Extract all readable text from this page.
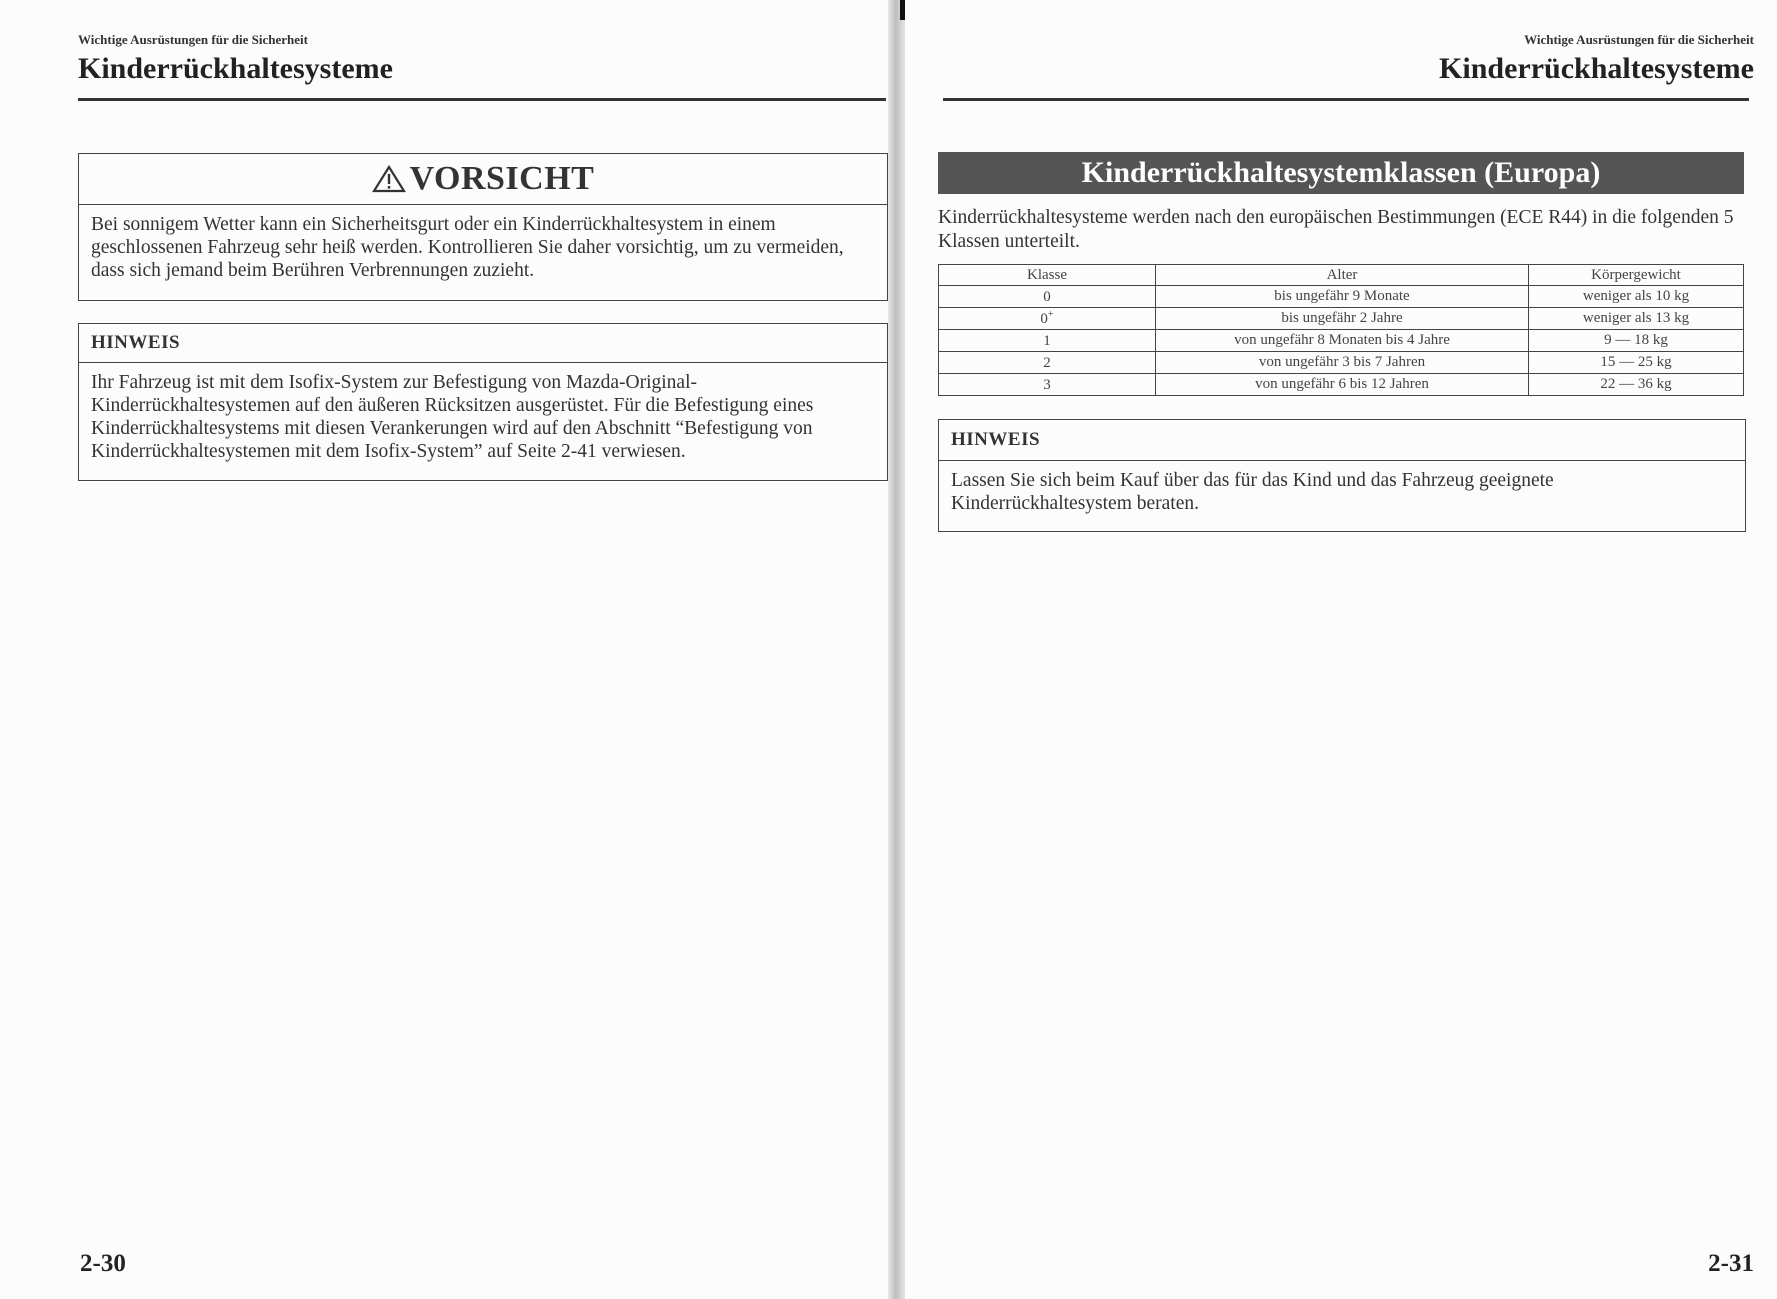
Wichtige Ausrüstungen für die Sicherheit
Kinderrückhaltesysteme
VORSICHT
Bei sonnigem Wetter kann ein Sicherheitsgurt oder ein Kinderrückhaltesystem in einem geschlossenen Fahrzeug sehr heiß werden. Kontrollieren Sie daher vorsichtig, um zu vermeiden, dass sich jemand beim Berühren Verbrennungen zuzieht.
HINWEIS
Ihr Fahrzeug ist mit dem Isofix-System zur Befestigung von Mazda-Original-Kinderrückhaltesystemen auf den äußeren Rücksitzen ausgerüstet. Für die Befestigung eines Kinderrückhaltesystems mit diesen Verankerungen wird auf den Abschnitt “Befestigung von Kinderrückhaltesystemen mit dem Isofix-System” auf Seite 2-41 verwiesen.
2-30
Wichtige Ausrüstungen für die Sicherheit
Kinderrückhaltesysteme
Kinderrückhaltesystemklassen (Europa)
Kinderrückhaltesysteme werden nach den europäischen Bestimmungen (ECE R44) in die folgenden 5 Klassen unterteilt.
Klasse	Alter	Körpergewicht
0	bis ungefähr 9 Monate	weniger als 10 kg
0+	bis ungefähr 2 Jahre	weniger als 13 kg
1	von ungefähr 8 Monaten bis 4 Jahre	9 — 18 kg
2	von ungefähr 3 bis 7 Jahren	15 — 25 kg
3	von ungefähr 6 bis 12 Jahren	22 — 36 kg
HINWEIS
Lassen Sie sich beim Kauf über das für das Kind und das Fahrzeug geeignete Kinderrückhaltesystem beraten.
2-31
